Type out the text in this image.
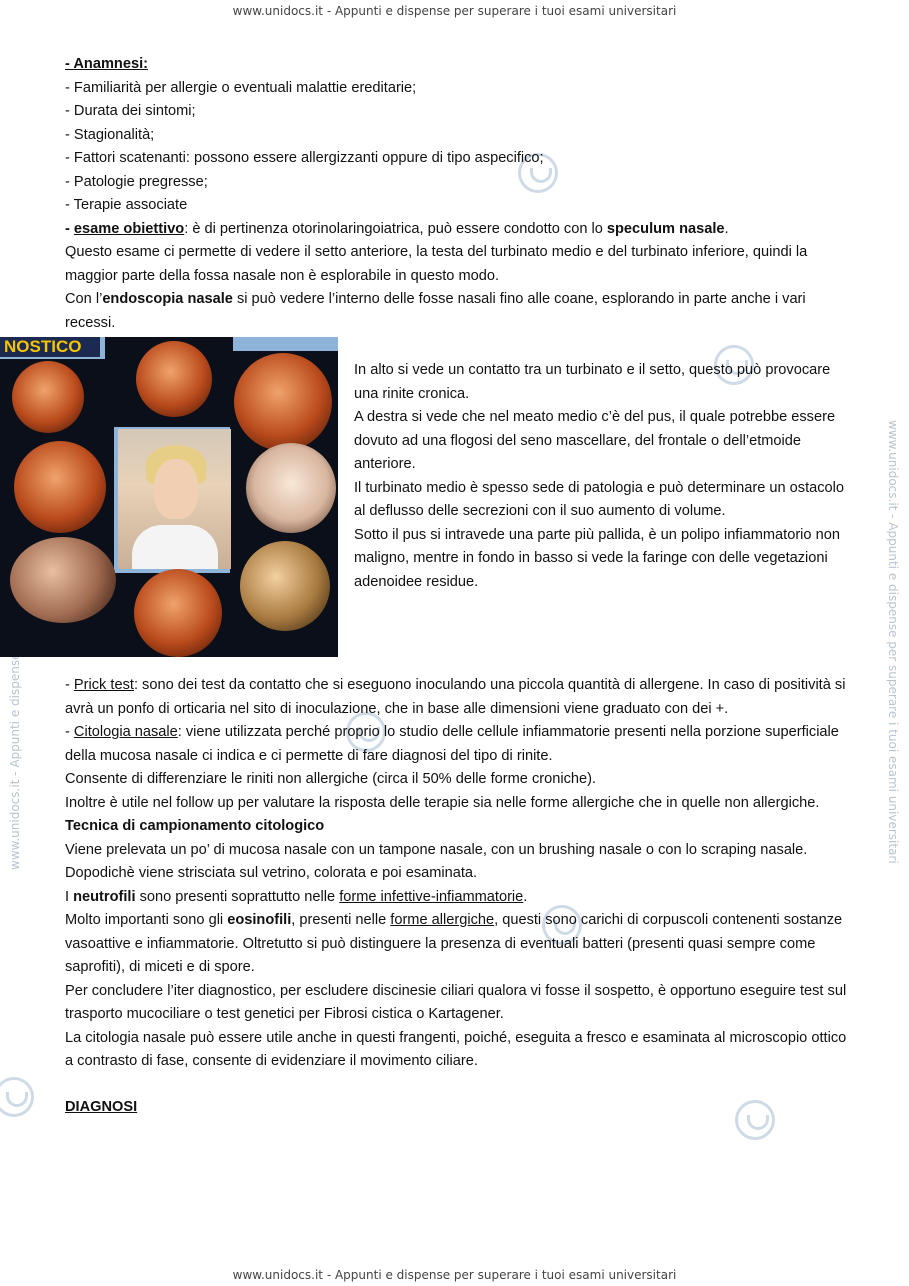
www.unidocs.it - Appunti e dispense per superare i tuoi esami universitari
www.unidocs.it - Appunti e dispense per superare i tuoi esami universitari

- Anamnesi:

- Familiarità per allergie o eventuali malattie ereditarie;

- Durata dei sintomi;

- Stagionalità;

- Fattori scatenanti: possono essere allergizzanti oppure di tipo aspecifico;

- Patologie pregresse;

- Terapie associate

- esame obiettivo: è di pertinenza otorinolaringoiatrica, può essere condotto con lo speculum nasale.

Questo esame ci permette di vedere il setto anteriore, la testa del turbinato medio e del turbinato inferiore, quindi la maggior parte della fossa nasale non è esplorabile in questo modo.

Con l’endoscopia nasale si può vedere l’interno delle fosse nasali fino alle coane, esplorando in parte anche i vari recessi.

NOSTICO

In alto si vede un contatto tra un turbinato e il setto, questo può provocare una rinite cronica.

A destra si vede che nel meato medio c’è del pus, il quale potrebbe essere dovuto ad una flogosi del seno mascellare, del frontale o dell’etmoide anteriore.

Il turbinato medio è spesso sede di patologia e può determinare un ostacolo al deflusso delle secrezioni con il suo aumento di volume.

Sotto il pus si intravede una parte più pallida, è un polipo infiammatorio non maligno, mentre in fondo in basso si vede la faringe con delle vegetazioni adenoidee residue.

- Prick test: sono dei test da contatto che si eseguono inoculando una piccola quantità di allergene. In caso di positività si avrà un ponfo di orticaria nel sito di inoculazione, che in base alle dimensioni viene graduato con dei +.

- Citologia nasale: viene utilizzata perché proprio lo studio delle cellule infiammatorie presenti nella porzione superficiale della mucosa nasale ci indica e ci permette di fare diagnosi del tipo di rinite.

Consente di differenziare le riniti non allergiche (circa il 50% delle forme croniche).

Inoltre è utile nel follow up per valutare la risposta delle terapie sia nelle forme allergiche che in quelle non allergiche.

Tecnica di campionamento citologico

Viene prelevata un po’ di mucosa nasale con un tampone nasale, con un brushing nasale o con lo scraping nasale.

Dopodichè viene strisciata sul vetrino, colorata e poi esaminata.

I neutrofili sono presenti soprattutto nelle forme infettive-infiammatorie.

Molto importanti sono gli eosinofili, presenti nelle forme allergiche, questi sono carichi di corpuscoli contenenti sostanze vasoattive e infiammatorie. Oltretutto si può distinguere la presenza di eventuali batteri (presenti quasi sempre come saprofiti), di miceti e di spore.

Per concludere l’iter diagnostico, per escludere discinesie ciliari qualora vi fosse il sospetto, è opportuno eseguire test sul trasporto mucociliare o test genetici per Fibrosi cistica o Kartagener.

La citologia nasale può essere utile anche in questi frangenti, poiché, eseguita a fresco e esaminata al microscopio ottico a contrasto di fase, consente di evidenziare il movimento ciliare.

DIAGNOSI

www.unidocs.it - Appunti e dispense per superare i tuoi esami universitari
